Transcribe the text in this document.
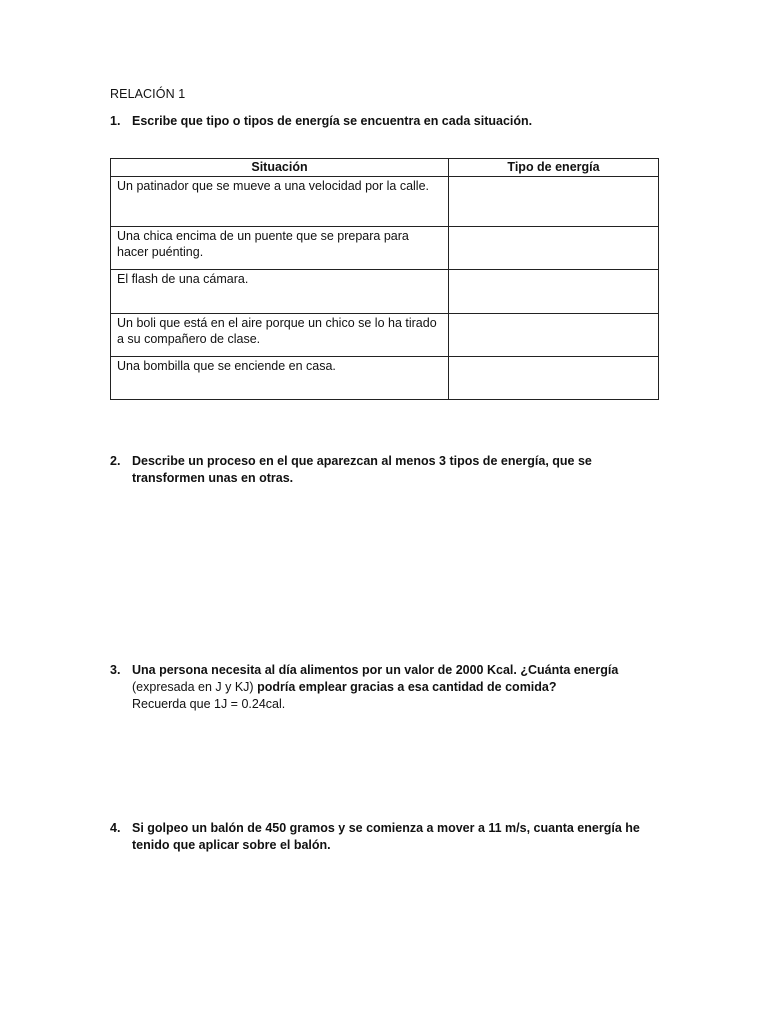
RELACIÓN 1
1. Escribe que tipo o tipos de energía se encuentra en cada situación.
Situación	Tipo de energía
Un patinador que se mueve a una velocidad por la calle.	
Una chica encima de un puente que se prepara para hacer puénting.	
El flash de una cámara.	
Un boli que está en el aire porque un chico se lo ha tirado a su compañero de clase.	
Una bombilla que se enciende en casa.	
2. Describe un proceso en el que aparezcan al menos 3 tipos de energía, que se transformen unas en otras.
3. Una persona necesita al día alimentos por un valor de 2000 Kcal. ¿Cuánta energía
(expresada en J y KJ) podría emplear gracias a esa cantidad de comida?
Recuerda que 1J = 0.24cal.
4. Si golpeo un balón de 450 gramos y se comienza a mover a 11 m/s, cuanta energía he tenido que aplicar sobre el balón.
